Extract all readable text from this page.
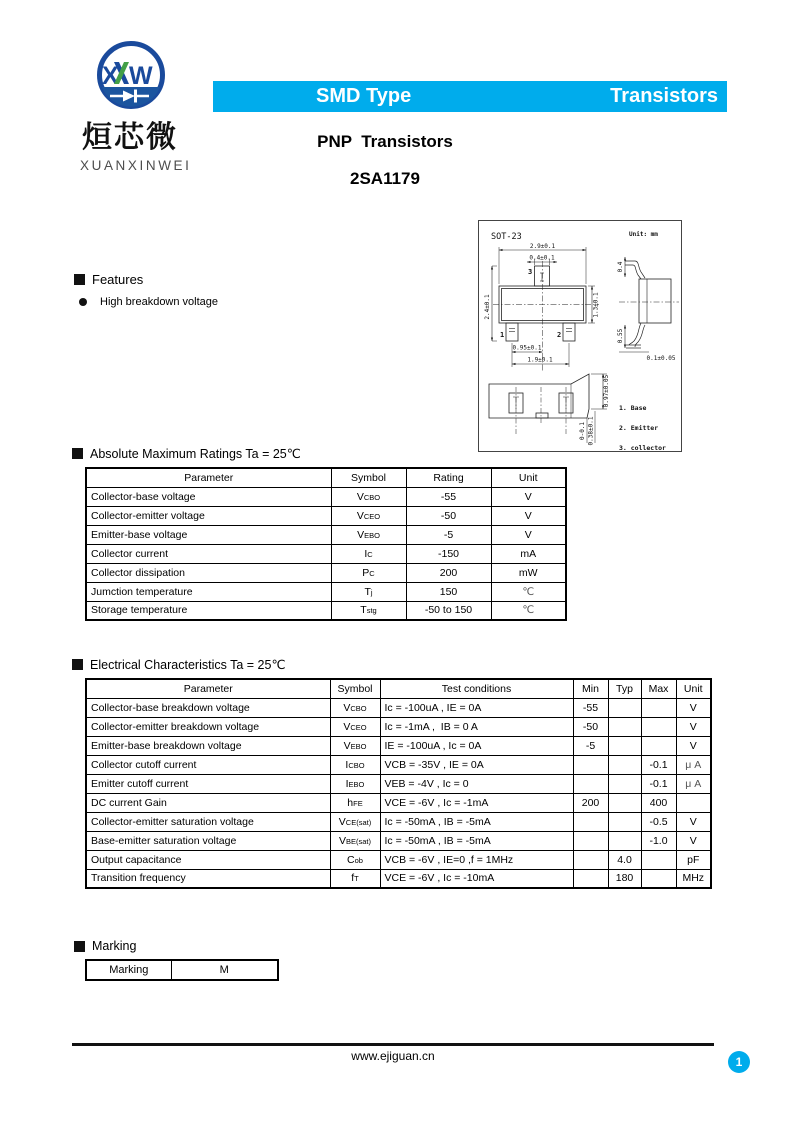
X W
烜芯微
XUANXINWEI
SMD Type	Transistors
PNP  Transistors
2SA1179
SOT-23	Unit: mm
2.9±0.1
0.4±0.1
2.4±0.1	1.3±0.1
0.95±0.1
1.9±0.1
0.4
0.55
0.1±0.05
0.97±0.05
0-0.1 0.38±0.1
1	2
3
1. Base
2. Emitter
3. collector
Features
High breakdown voltage
Absolute Maximum Ratings Ta = 25℃
Parameter	Symbol	Rating	Unit
Collector-base voltage	VCBO	-55	V
Collector-emitter voltage	VCEO	-50	V
Emitter-base voltage	VEBO	-5	V
Collector current	IC	-150	mA
Collector dissipation	PC	200	mW
Jumction temperature	Tj	150	℃
Storage temperature	Tstg	-50 to 150	℃
Electrical Characteristics Ta = 25℃
Parameter	Symbol	Test conditions	Min	Typ	Max	Unit
Collector-base breakdown voltage	VCBO	Ic = -100uA , IE = 0A	-55			V
Collector-emitter breakdown voltage	VCEO	Ic = -1mA ,  IB = 0 A	-50			V
Emitter-base breakdown voltage	VEBO	IE = -100uA , Ic = 0A	-5			V
Collector cutoff current	ICBO	VCB = -35V , IE = 0A			-0.1	μ A
Emitter cutoff current	IEBO	VEB = -4V , Ic = 0			-0.1	μ A
DC current Gain	hFE	VCE = -6V , Ic = -1mA	200		400	
Collector-emitter saturation voltage	VCE(sat)	Ic = -50mA , IB = -5mA			-0.5	V
Base-emitter saturation voltage	VBE(sat)	Ic = -50mA , IB = -5mA			-1.0	V
Output capacitance	Cob	VCB = -6V , IE=0 ,f = 1MHz		4.0		pF
Transition frequency	fT	VCE = -6V , Ic = -10mA		180		MHz
Marking
Marking	M
www.ejiguan.cn	1
